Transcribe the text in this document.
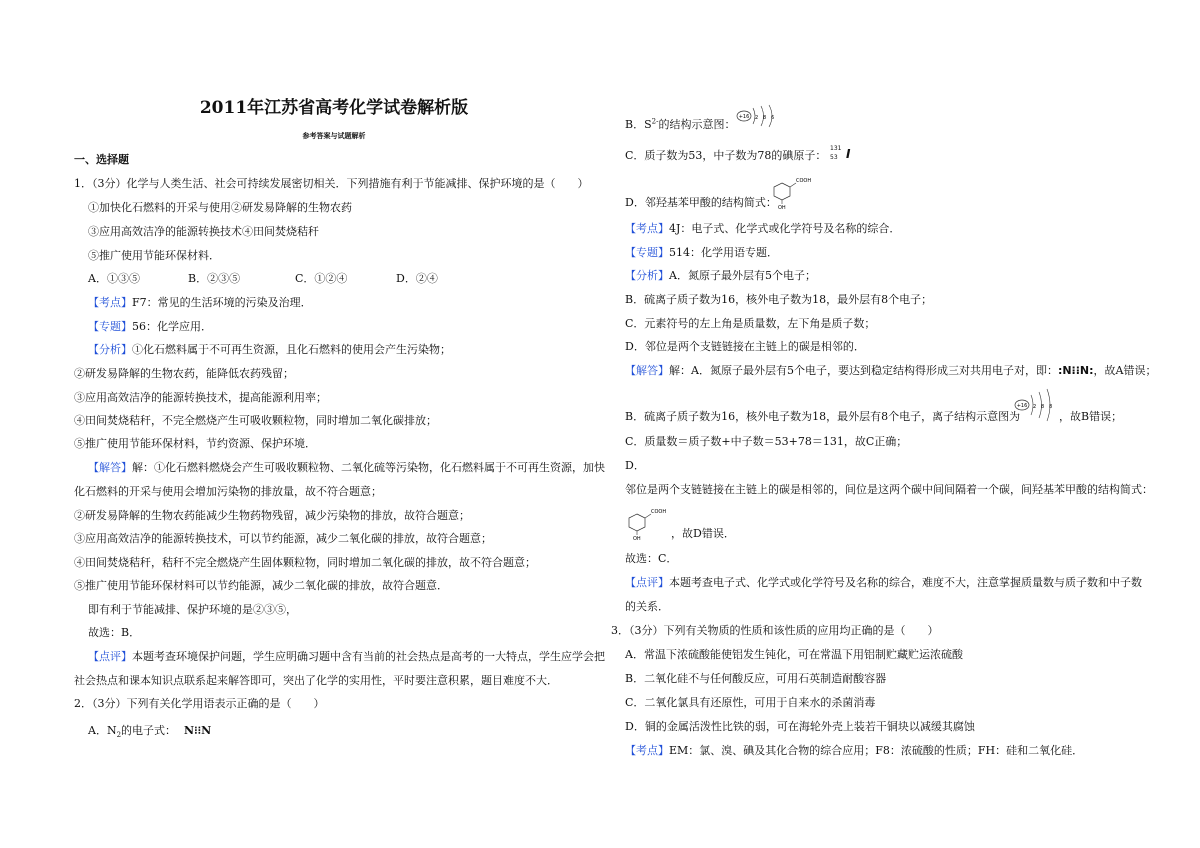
2011年江苏省高考化学试卷解析版
参考答案与试题解析
一、选择题
1．（3分）化学与人类生活、社会可持续发展密切相关．下列措施有利于节能减排、保护环境的是（　　）
①加快化石燃料的开采与使用②研发易降解的生物农药
③应用高效洁净的能源转换技术④田间焚烧秸秆
⑤推广使用节能环保材料．
A．①③⑤	B．②③⑤	C．①②④	D．②④
【考点】F7：常见的生活环境的污染及治理．
【专题】56：化学应用．
【分析】①化石燃料属于不可再生资源，且化石燃料的使用会产生污染物；
②研发易降解的生物农药，能降低农药残留；
③应用高效洁净的能源转换技术，提高能源利用率；
④田间焚烧秸秆，不完全燃烧产生可吸收颗粒物，同时增加二氧化碳排放；
⑤推广使用节能环保材料，节约资源、保护环境．
【解答】解：①化石燃料燃烧会产生可吸收颗粒物、二氧化硫等污染物，化石燃料属于不可再生资源，加快
化石燃料的开采与使用会增加污染物的排放量，故不符合题意；
②研发易降解的生物农药能减少生物药物残留，减少污染物的排放，故符合题意；
③应用高效洁净的能源转换技术，可以节约能源，减少二氧化碳的排放，故符合题意；
④田间焚烧秸秆，秸秆不完全燃烧产生固体颗粒物，同时增加二氧化碳的排放，故不符合题意；
⑤推广使用节能环保材料可以节约能源，减少二氧化碳的排放，故符合题意．
即有利于节能减排、保护环境的是②③⑤，
故选：B．
【点评】本题考查环境保护问题，学生应明确习题中含有当前的社会热点是高考的一大特点，学生应学会把
社会热点和课本知识点联系起来解答即可，突出了化学的实用性，平时要注意积累，题目难度不大．
2．（3分）下列有关化学用语表示正确的是（　　）
A．$N_2$的电子式： N⁝⁝N
B．$S^{2-}$的结构示意图：
+16 2 8 6
C．质子数为53，中子数为78的碘原子：
131
53 I
D．邻羟基苯甲酸的结构简式：
COOH
OH
【考点】4J：电子式、化学式或化学符号及名称的综合．
【专题】514：化学用语专题．
【分析】A．氮原子最外层有5个电子；
B．硫离子质子数为16，核外电子数为18，最外层有8个电子；
C．元素符号的左上角是质量数，左下角是质子数；
D．邻位是两个支链链接在主链上的碳是相邻的．
【解答】解：A．氮原子最外层有5个电子，要达到稳定结构得形成三对共用电子对，即：:N⁝⁝N:，故A错误；
B．硫离子质子数为16，核外电子数为18，最外层有8个电子，离子结构示意图为
+16 2 8 8
，故B错误；
C．质量数＝质子数+中子数＝53+78＝131，故C正确；
D．
邻位是两个支链链接在主链上的碳是相邻的，间位是这两个碳中间间隔着一个碳，间羟基苯甲酸的结构简式：
COOH
OH	，故D错误．
故选：C．
【点评】本题考查电子式、化学式或化学符号及名称的综合，难度不大，注意掌握质量数与质子数和中子数
的关系．
3．（3分）下列有关物质的性质和该性质的应用均正确的是（　　）
A．常温下浓硫酸能使铝发生钝化，可在常温下用铝制贮藏贮运浓硫酸
B．二氧化硅不与任何酸反应，可用石英制造耐酸容器
C．二氧化氯具有还原性，可用于自来水的杀菌消毒
D．铜的金属活泼性比铁的弱，可在海轮外壳上装若干铜块以减缓其腐蚀
【考点】EM：氯、溴、碘及其化合物的综合应用；F8：浓硫酸的性质；FH：硅和二氧化硅．
